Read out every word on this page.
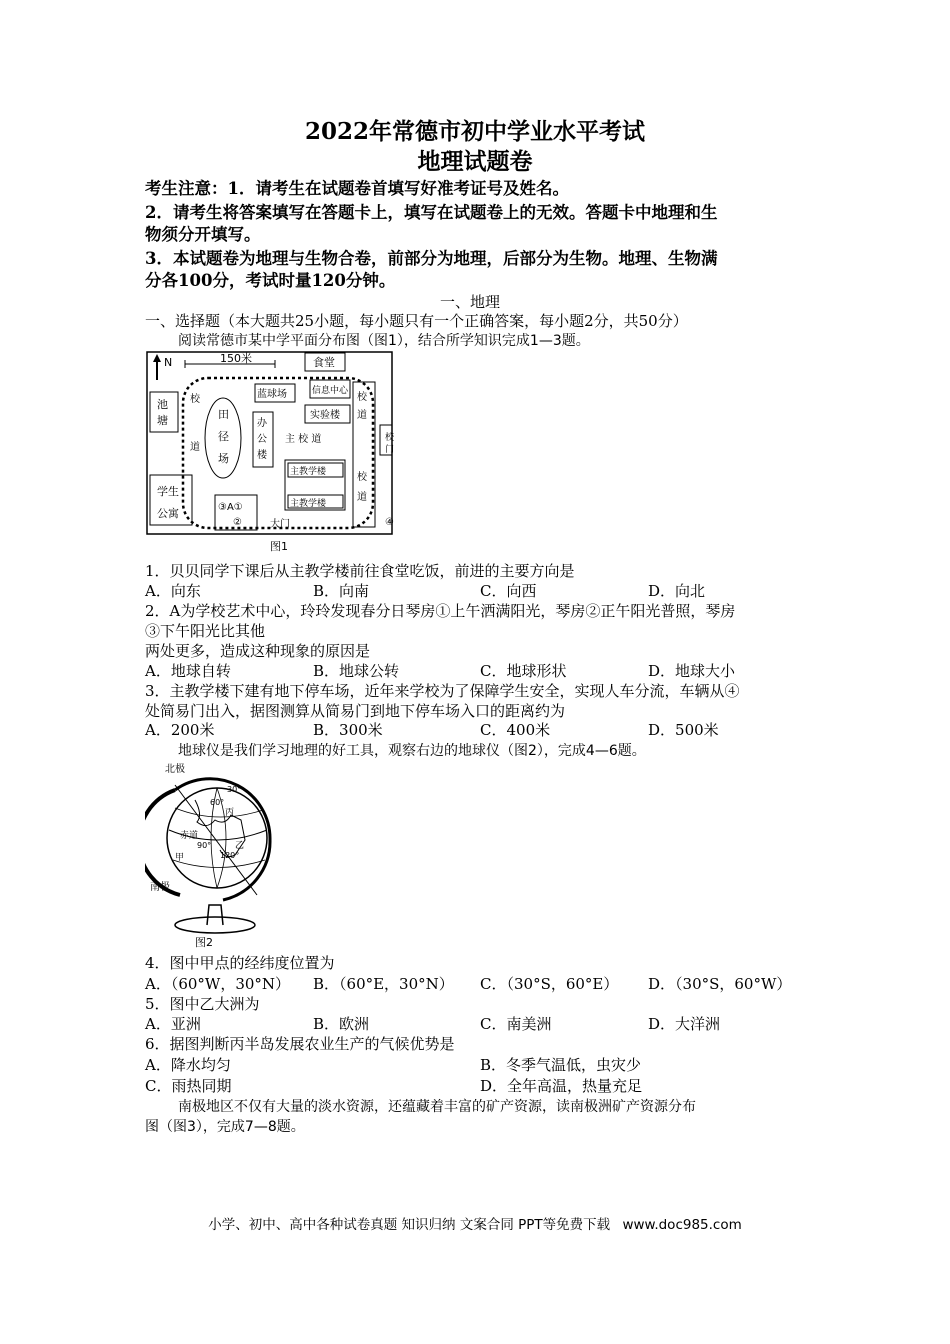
2022年常德市初中学业水平考试
地理试题卷
考生注意：1．请考生在试题卷首填写好准考证号及姓名。
2．请考生将答案填写在答题卡上，填写在试题卷上的无效。答题卡中地理和生
物须分开填写。
3．本试题卷为地理与生物合卷，前部分为地理，后部分为生物。地理、生物满
分各100分，考试时量120分钟。
一、地理
一、选择题（本大题共25小题，每小题只有一个正确答案，每小题2分，共50分）
阅读常德市某中学平面分布图（图1），结合所学知识完成1—3题。
N	150米	食堂
池
塘	田
径
场
校
道
蓝球场	信息中心
实验楼
办
公
楼
主 校 道
校
道
校
道
校
门
主教学楼
主教学楼
学生
公寓	③A①
②	大门	④
图1
1．贝贝同学下课后从主教学楼前往食堂吃饭，前进的主要方向是
A．向东	B．向南	C．向西	D．向北
2．A为学校艺术中心，玲玲发现春分日琴房①上午洒满阳光，琴房②正午阳光普照，琴房
③下午阳光比其他
两处更多，造成这种现象的原因是
A．地球自转	B．地球公转	C．地球形状	D．地球大小
3．主教学楼下建有地下停车场，近年来学校为了保障学生安全，实现人车分流，车辆从④
处简易门出入，据图测算从简易门到地下停车场入口的距离约为
A．200米	B．300米	C．400米	D．500米
地球仪是我们学习地理的好工具，观察右边的地球仪（图2），完成4—6题。
北极
南极
赤道
甲
乙
丙
60°
90°
120°
30°
图2
4．图中甲点的经纬度位置为
A．（60°W，30°N） B．（60°E，30°N） C．（30°S，60°E） D．（30°S，60°W）
5．图中乙大洲为
A．亚洲	B．欧洲	C．南美洲	D．大洋洲
6．据图判断丙半岛发展农业生产的气候优势是
A．降水均匀	B．冬季气温低，虫灾少
C．雨热同期	D．全年高温，热量充足
南极地区不仅有大量的淡水资源，还蕴藏着丰富的矿产资源，读南极洲矿产资源分布
图（图3），完成7—8题。
小学、初中、高中各种试卷真题 知识归纳 文案合同 PPT等免费下载 www.doc985.com
